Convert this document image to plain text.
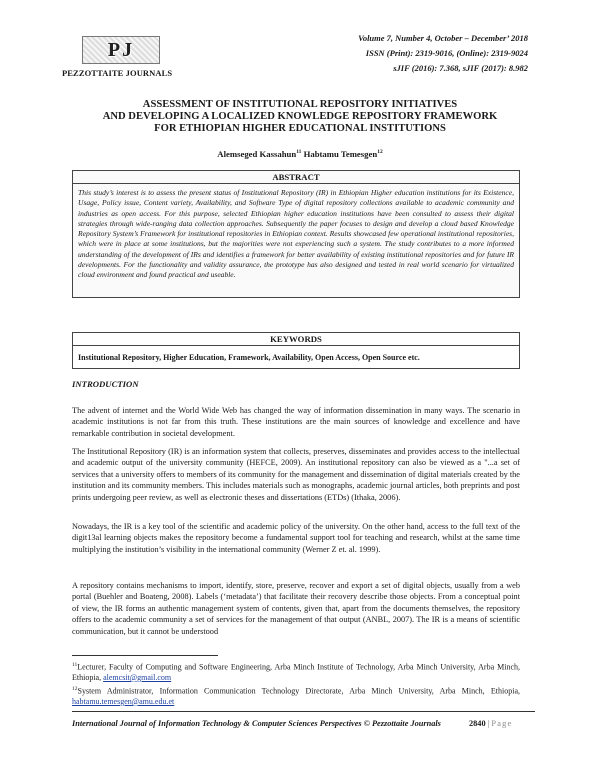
PJ
PEZZOTTAITE JOURNALS
Volume 7, Number 4, October – December’ 2018
ISSN (Print): 2319-9016, (Online): 2319-9024
sJIF (2016): 7.368, sJIF (2017): 8.982
ASSESSMENT OF INSTITUTIONAL REPOSITORY INITIATIVES
AND DEVELOPING A LOCALIZED KNOWLEDGE REPOSITORY FRAMEWORK
FOR ETHIOPIAN HIGHER EDUCATIONAL INSTITUTIONS
Alemseged Kassahun$^{11}$ Habtamu Temesgen$^{12}$
ABSTRACT
This study’s interest is to assess the present status of Institutional Repository (IR) in Ethiopian Higher education institutions for its Existence, Usage, Policy issue, Content variety, Availability, and Software Type of digital repository collections available to academic community and industries as open access. For this purpose, selected Ethiopian higher education institutions have been consulted to assess their digital strategies through wide-ranging data collection approaches. Subsequently the paper focuses to design and develop a cloud based Knowledge Repository System’s Framework for institutional repositories in Ethiopian context. Results showcased few operational institutional repositories, which were in place at some institutions, but the majorities were not experiencing such a system. The study contributes to a more informed understanding of the development of IRs and identifies a framework for better availability of existing institutional repositories and for future IR developments. For the functionality and validity assurance, the prototype has also designed and tested in real world scenario for virtualized cloud environment and found practical and useable.
KEYWORDS
Institutional Repository, Higher Education, Framework, Availability, Open Access, Open Source etc.
INTRODUCTION
The advent of internet and the World Wide Web has changed the way of information dissemination in many ways. The scenario in academic institutions is not far from this truth. These institutions are the main sources of knowledge and excellence and have remarkable contribution in societal development.
The Institutional Repository (IR) is an information system that collects, preserves, disseminates and provides access to the intellectual and academic output of the university community (HEFCE, 2009). An institutional repository can also be viewed as a "...a set of services that a university offers to members of its community for the management and dissemination of digital materials created by the institution and its community members. This includes materials such as monographs, academic journal articles, both preprints and post prints undergoing peer review, as well as electronic theses and dissertations (ETDs) (Ithaka, 2006).
Nowadays, the IR is a key tool of the scientific and academic policy of the university. On the other hand, access to the full text of the digit13al learning objects makes the repository become a fundamental support tool for teaching and research, whilst at the same time multiplying the institution’s visibility in the international community (Werner Z et. al. 1999).
A repository contains mechanisms to import, identify, store, preserve, recover and export a set of digital objects, usually from a web portal (Buehler and Boateng, 2008). Labels (‘metadata’) that facilitate their recovery describe those objects. From a conceptual point of view, the IR forms an authentic management system of contents, given that, apart from the documents themselves, the repository offers to the academic community a set of services for the management of that output (ANBL, 2007). The IR is a means of scientific communication, but it cannot be understood
$^{11}$Lecturer, Faculty of Computing and Software Engineering, Arba Minch Institute of Technology, Arba Minch University, Arba Minch, Ethiopia, alemcsit@gmail.com
$^{12}$System Administrator, Information Communication Technology Directorate, Arba Minch University, Arba Minch, Ethiopia, habtamu.temesgen@amu.edu.et
International Journal of Information Technology & Computer Sciences Perspectives © Pezzottaite Journals	2840 | Page
